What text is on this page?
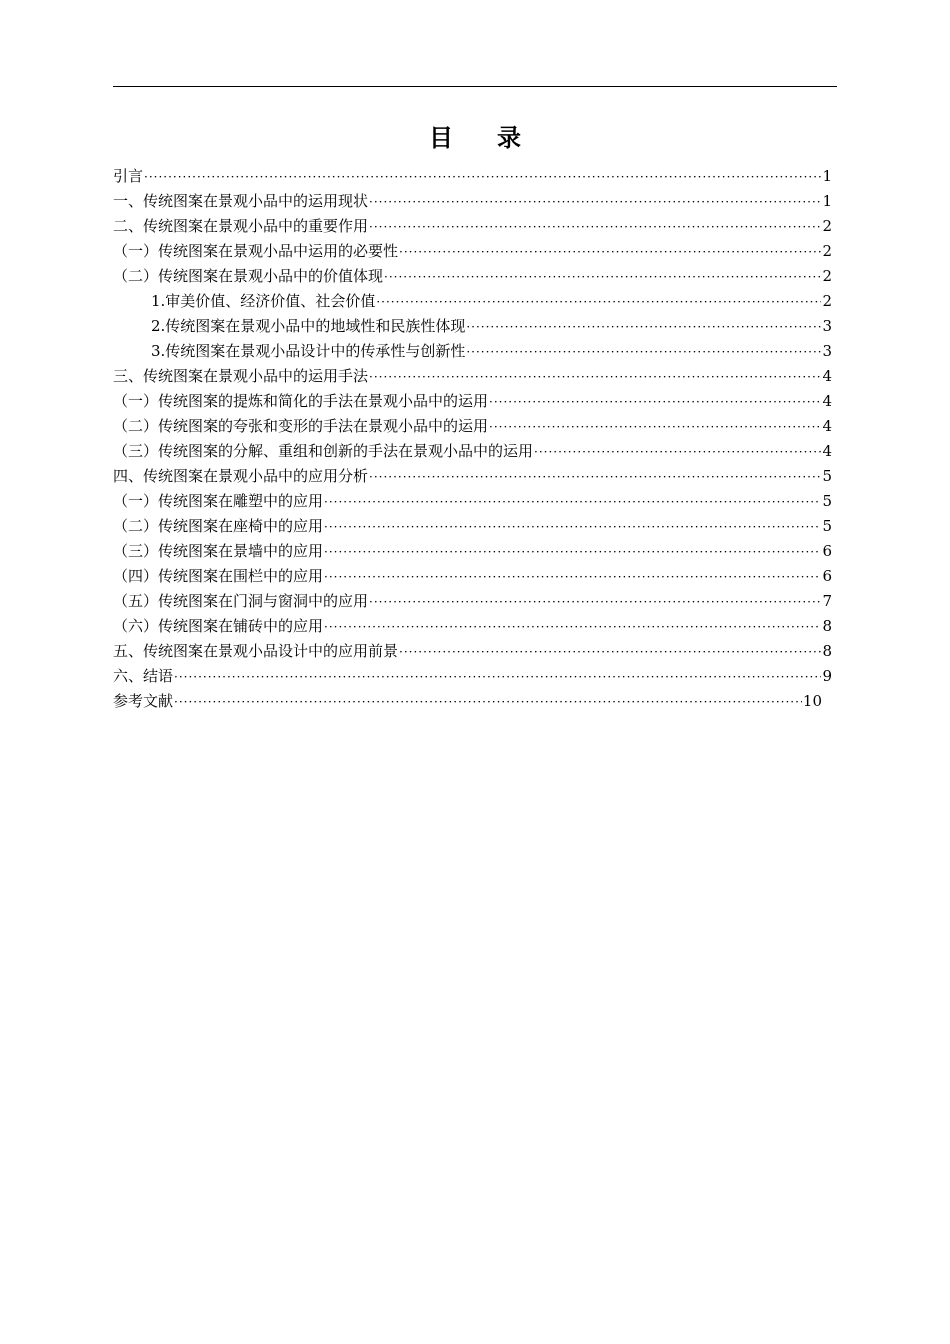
目 录
引言 ·····	1
一、传统图案在景观小品中的运用现状 ·····	1
二、传统图案在景观小品中的重要作用 ·····	2
（一）传统图案在景观小品中运用的必要性 ·····	2
（二）传统图案在景观小品中的价值体现 ·····	2
1.审美价值、经济价值、社会价值 ·····	2
2.传统图案在景观小品中的地域性和民族性体现 ·····	3
3.传统图案在景观小品设计中的传承性与创新性 ·····	3
三、传统图案在景观小品中的运用手法 ·····	4
（一）传统图案的提炼和简化的手法在景观小品中的运用 ·····	4
（二）传统图案的夸张和变形的手法在景观小品中的运用 ·····	4
（三）传统图案的分解、重组和创新的手法在景观小品中的运用 ·····	4
四、传统图案在景观小品中的应用分析 ·····	5
（一）传统图案在雕塑中的应用 ·····	5
（二）传统图案在座椅中的应用 ·····	5
（三）传统图案在景墙中的应用 ·····	6
（四）传统图案在围栏中的应用 ·····	6
（五）传统图案在门洞与窗洞中的应用 ·····	7
（六）传统图案在铺砖中的应用 ·····	8
五、传统图案在景观小品设计中的应用前景 ·····	8
六、结语 ·····	9
参考文献 ·····	10
